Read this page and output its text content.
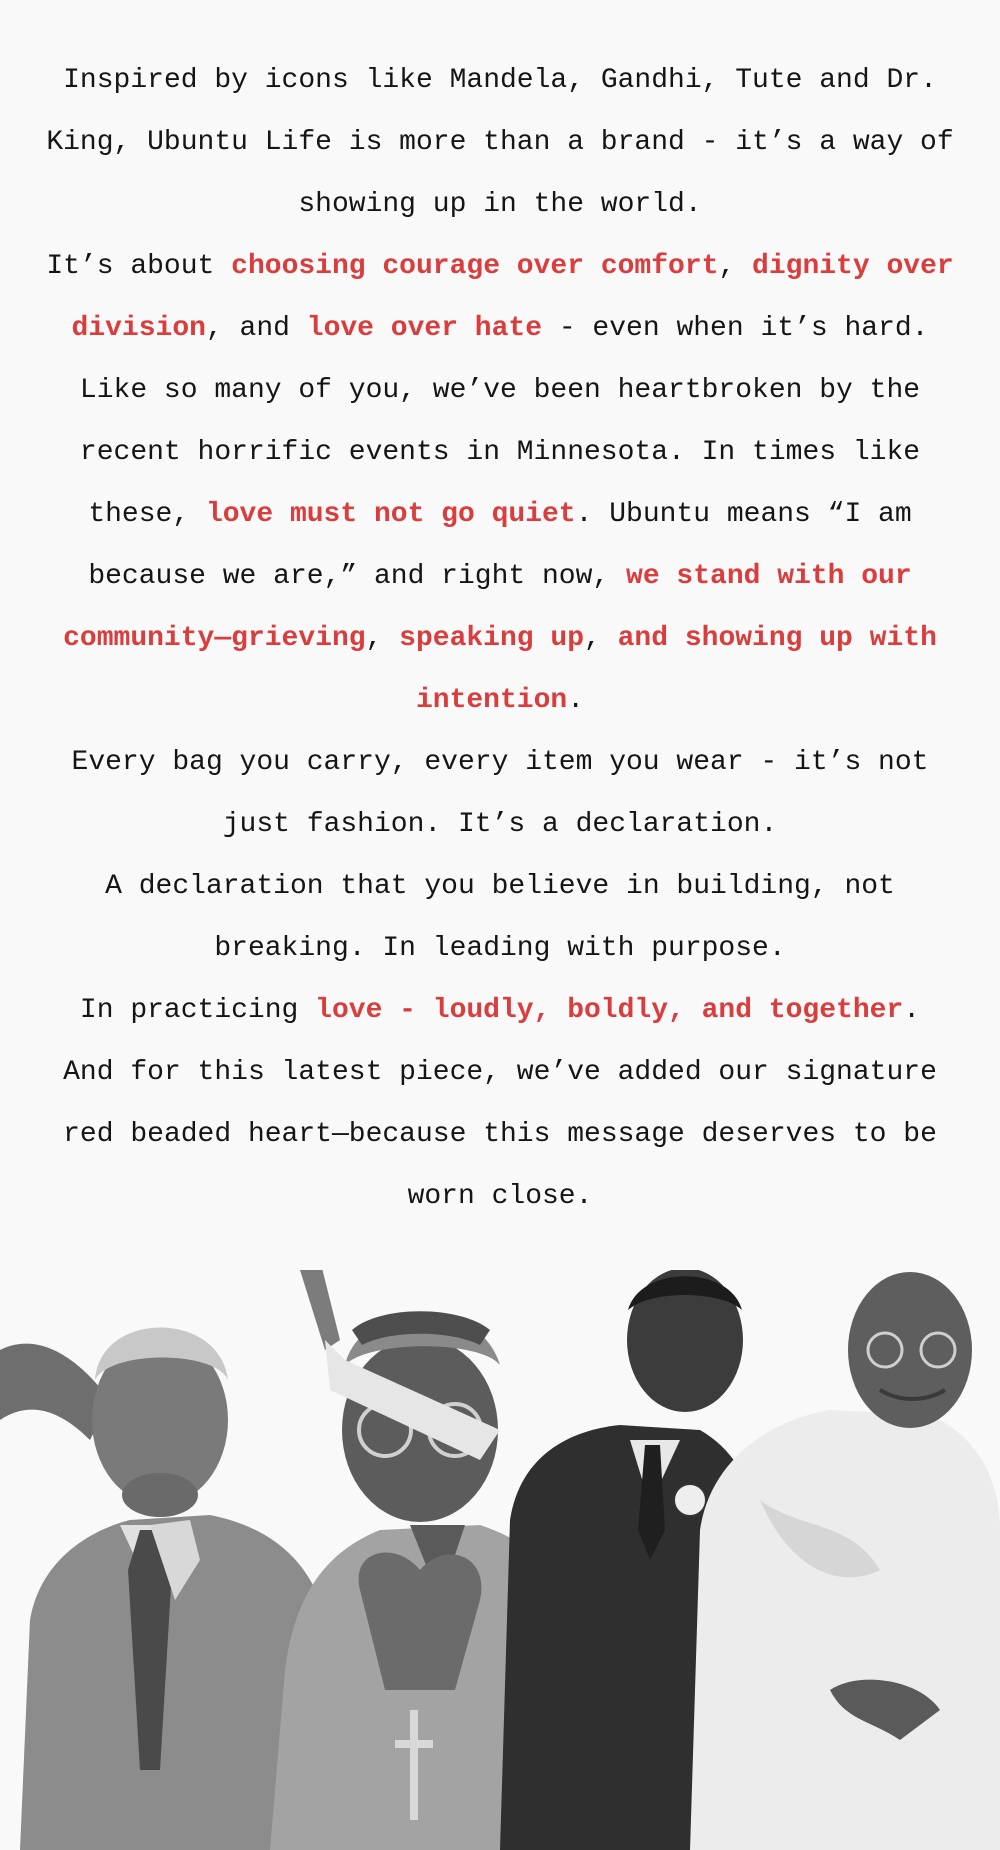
Inspired by icons like Mandela, Gandhi, Tute and Dr. King, Ubuntu Life is more than a brand - it’s a way of showing up in the world.

It’s about choosing courage over comfort, dignity over division, and love over hate - even when it’s hard.

Like so many of you, we’ve been heartbroken by the recent horrific events in Minnesota. In times like these, love must not go quiet. Ubuntu means “I am because we are,” and right now, we stand with our community—grieving, speaking up, and showing up with intention.

Every bag you carry, every item you wear - it’s not just fashion. It’s a declaration.

A declaration that you believe in building, not breaking. In leading with purpose.

In practicing love - loudly, boldly, and together.

And for this latest piece, we’ve added our signature red beaded heart—because this message deserves to be worn close.
